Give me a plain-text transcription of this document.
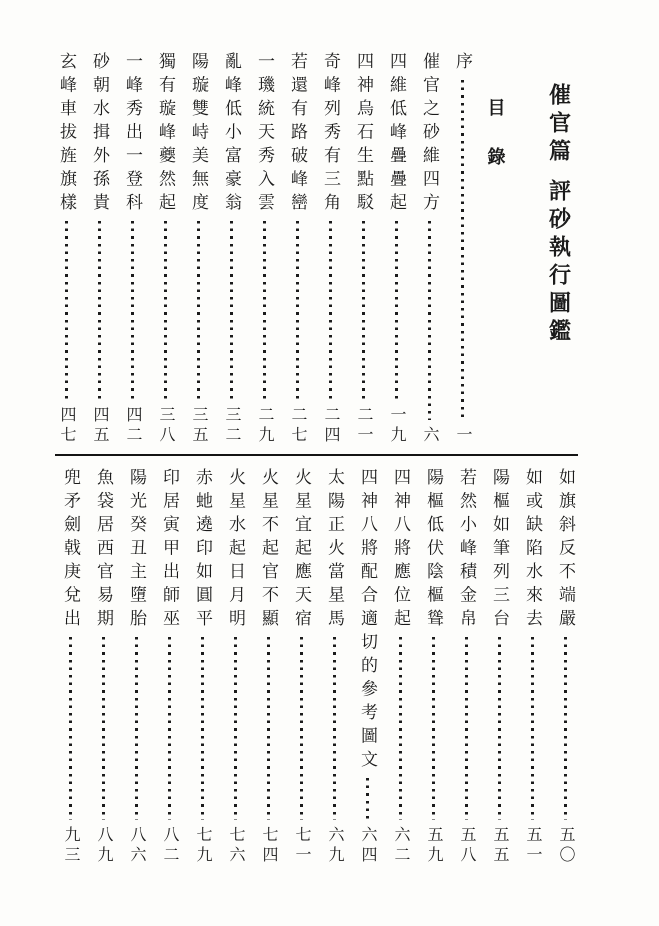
催官篇
評砂執行圖鑑
目錄
序
一
催官之砂維四方
六
四維低峰疊疊起
一九
四神烏石生點駁
二一
奇峰列秀有三角
二四
若還有路破峰巒
二七
一璣統天秀入雲
二九
亂峰低小富豪翁
三二
陽璇雙峙美無度
三五
獨有璇峰夔然起
三八
一峰秀出一登科
四二
砂朝水揖外孫貴
四五
玄峰車拔旌旗樣
四七
如旗斜反不端嚴
五〇
如或缺陷水來去
五一
陽樞如筆列三台
五五
若然小峰積金帛
五八
陽樞低伏陰樞聳
五九
四神八將應位起
六二
四神八將配合適切的參考圖文
六四
太陽正火當星馬
六九
火星宜起應天宿
七一
火星不起官不顯
七四
火星水起日月明
七六
赤虵遶印如圓平
七九
印居寅甲出師巫
八二
陽光癸丑主墮胎
八六
魚袋居西官易期
八九
兜矛劍戟庚兌出
九三
